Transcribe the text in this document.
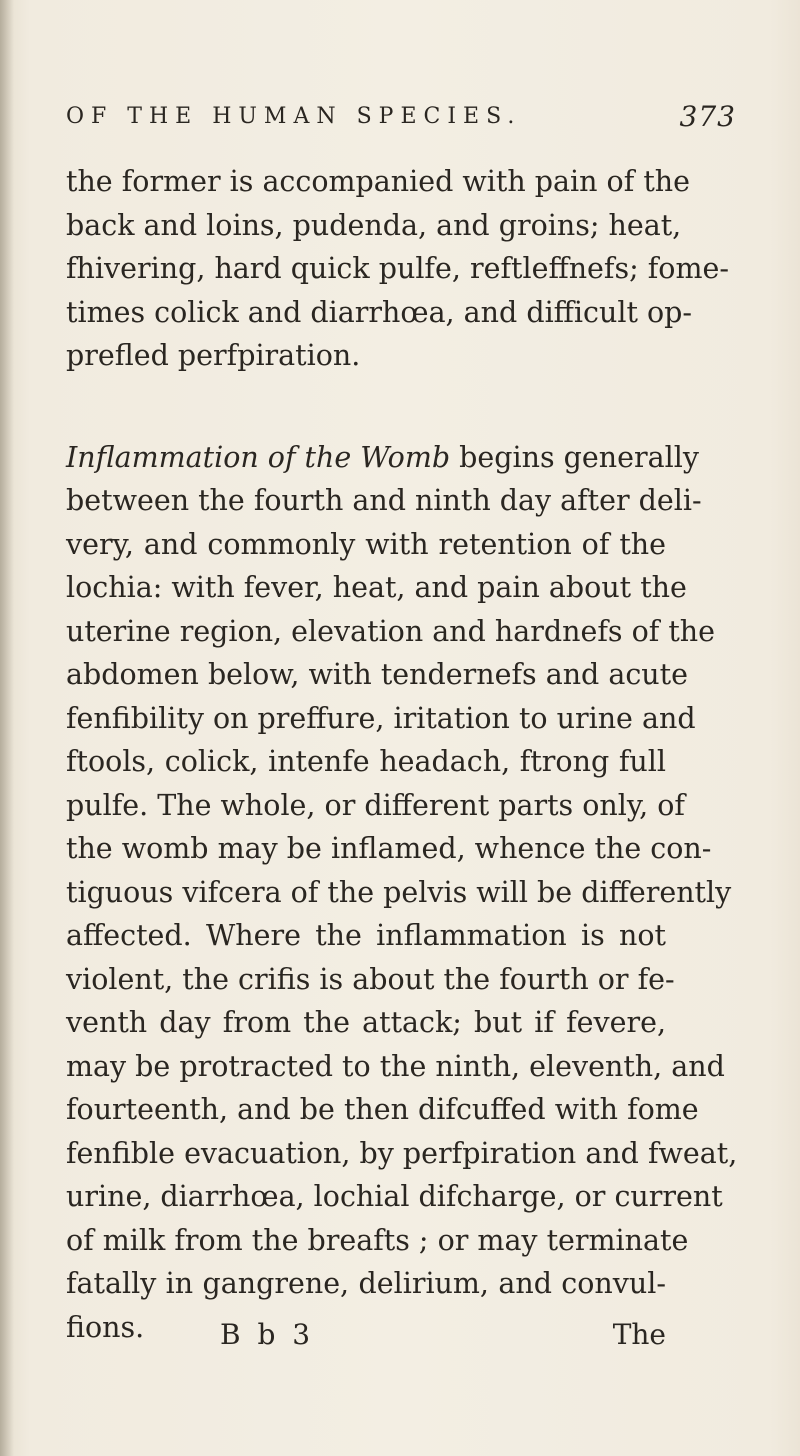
OF THE HUMAN SPECIES.	373
the former is accompanied with pain of the
back and loins, pudenda, and groins; heat,
fhivering, hard quick pulfe, reftleffnefs; fome-
times colick and diarrhœa, and difficult op-
prefled perfpiration.
Inflammation of the Womb begins generally
between the fourth and ninth day after deli-
very, and commonly with retention of the
lochia: with fever, heat, and pain about the
uterine region, elevation and hardnefs of the
abdomen below, with tendernefs and acute
fenfibility on preffure, iritation to urine and
ftools, colick, intenfe headach, ftrong full
pulfe. The whole, or different parts only, of
the womb may be inflamed, whence the con-
tiguous vifcera of the pelvis will be differently
affected. Where the inflammation is not
violent, the crifis is about the fourth or fe-
venth day from the attack; but if fevere,
may be protracted to the ninth, eleventh, and
fourteenth, and be then difcuffed with fome
fenfible evacuation, by perfpiration and fweat,
urine, diarrhœa, lochial difcharge, or current
of milk from the breafts ; or may terminate
fatally in gangrene, delirium, and convul-
fions.	B b 3	The
